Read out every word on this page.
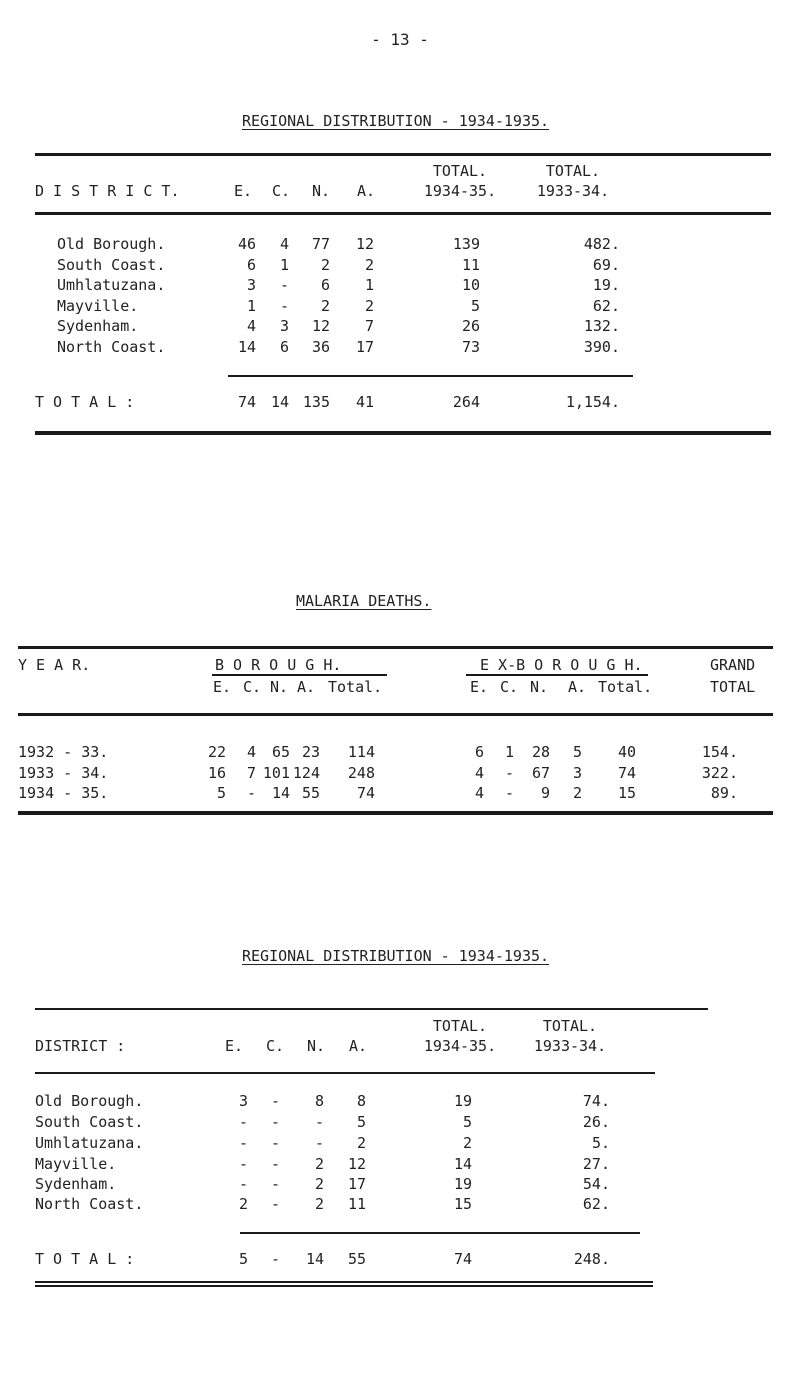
- 13 -
REGIONAL DISTRIBUTION - 1934-1935.
D I S T R I C T.	E.	C.	N.	A.
TOTAL.
1934-35.
TOTAL.
1933-34.
Old Borough.	46	4	77	12	139	482.
South Coast.	6	1	2	2	11	69.
Umhlatuzana.	3	-	6	1	10	19.
Mayville.	1	-	2	2	5	62.
Sydenham.	4	3	12	7	26	132.
North Coast.	14	6	36	17	73	390.
T O T A L :	74 14 135	41	264	1,154.
MALARIA DEATHS.
Y E A R.	B O R O U G H.	E X-B O R O U G H.	GRAND
E. C. N. A. Total.	E. C. N. A. Total.	TOTAL
1932 - 33.	22	4	65 23	114	6	1	28	5	40	154.
1933 - 34.	16	7 101 124	248	4	-	67	3	74	322.
1934 - 35.	5	-	14 55	74	4	-	9	2	15	89.
REGIONAL DISTRIBUTION - 1934-1935.
DISTRICT :	E.	C.	N.	A.
TOTAL.
1934-35.
TOTAL.
1933-34.
Old Borough.	3	-	8	8	19	74.
South Coast.	-	-	-	5	5	26.
Umhlatuzana.	-	-	-	2	2	5.
Mayville.	-	-	2	12	14	27.
Sydenham.	-	-	2	17	19	54.
North Coast.	2	-	2	11	15	62.
T O T A L :	5	-	14	55	74	248.
